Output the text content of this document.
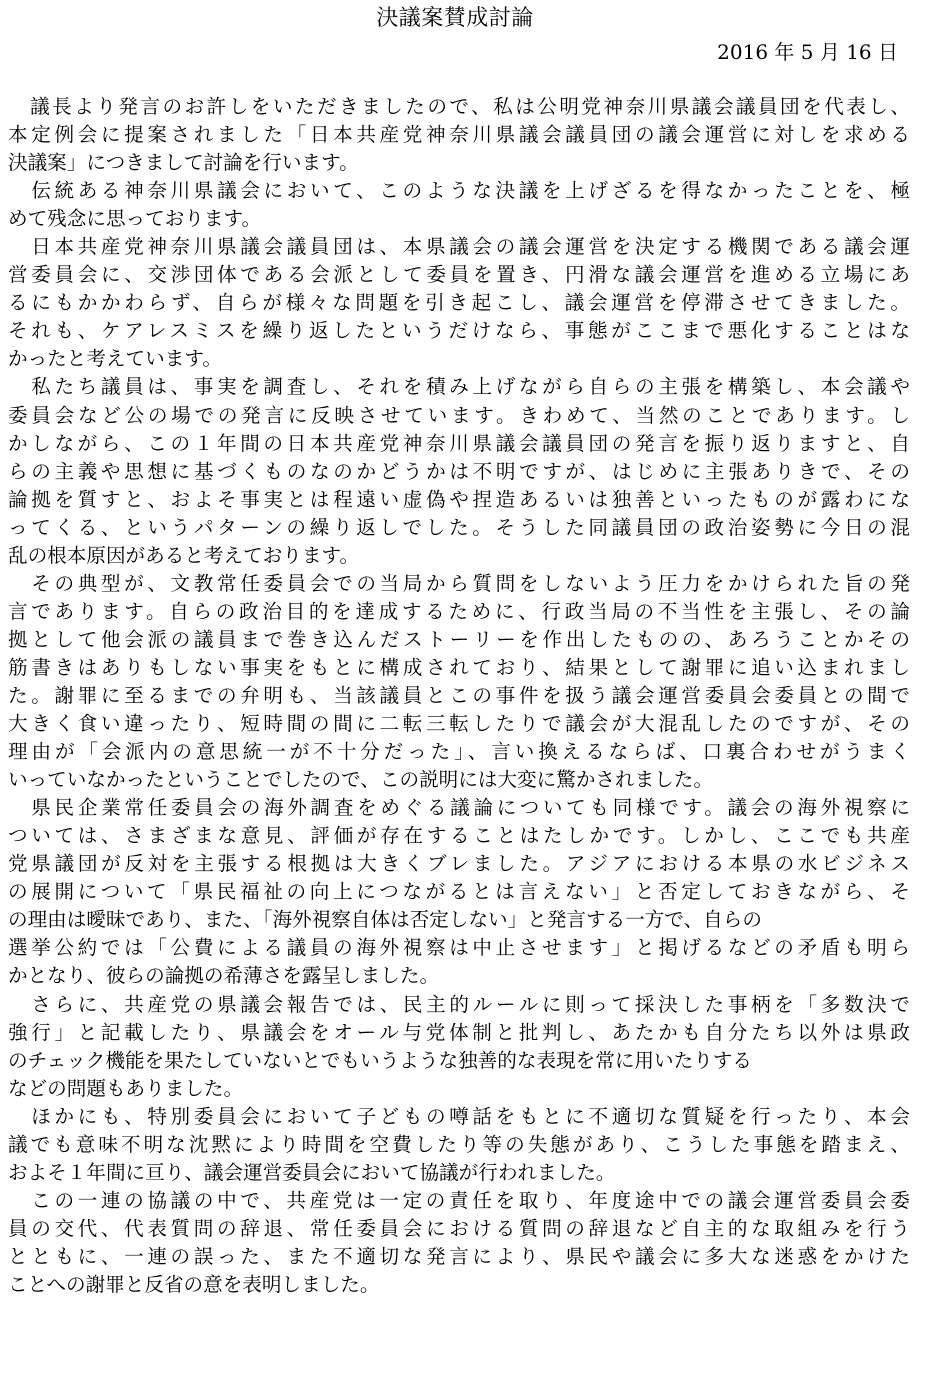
決議案賛成討論
2016 年 5 月 16 日
　議長より発言のお許しをいただきましたので、私は公明党神奈川県議会議員団を代表し、
本定例会に提案されました「日本共産党神奈川県議会議員団の議会運営に対しを求める
決議案」につきまして討論を行います。
　伝統ある神奈川県議会において、このような決議を上げざるを得なかったことを、極
めて残念に思っております。
　日本共産党神奈川県議会議員団は、本県議会の議会運営を決定する機関である議会運
営委員会に、交渉団体である会派として委員を置き、円滑な議会運営を進める立場にあ
るにもかかわらず、自らが様々な問題を引き起こし、議会運営を停滞させてきました。
それも、ケアレスミスを繰り返したというだけなら、事態がここまで悪化することはな
かったと考えています。
　私たち議員は、事実を調査し、それを積み上げながら自らの主張を構築し、本会議や
委員会など公の場での発言に反映させています。きわめて、当然のことであります。し
かしながら、この１年間の日本共産党神奈川県議会議員団の発言を振り返りますと、自
らの主義や思想に基づくものなのかどうかは不明ですが、はじめに主張ありきで、その
論拠を質すと、およそ事実とは程遠い虚偽や捏造あるいは独善といったものが露わにな
ってくる、というパターンの繰り返しでした。そうした同議員団の政治姿勢に今日の混
乱の根本原因があると考えております。
　その典型が、文教常任委員会での当局から質問をしないよう圧力をかけられた旨の発
言であります。自らの政治目的を達成するために、行政当局の不当性を主張し、その論
拠として他会派の議員まで巻き込んだストーリーを作出したものの、あろうことかその
筋書きはありもしない事実をもとに構成されており、結果として謝罪に追い込まれまし
た。謝罪に至るまでの弁明も、当該議員とこの事件を扱う議会運営委員会委員との間で
大きく食い違ったり、短時間の間に二転三転したりで議会が大混乱したのですが、その
理由が「会派内の意思統一が不十分だった」、言い換えるならば、口裏合わせがうまく
いっていなかったということでしたので、この説明には大変に驚かされました。
　県民企業常任委員会の海外調査をめぐる議論についても同様です。議会の海外視察に
ついては、さまざまな意見、評価が存在することはたしかです。しかし、ここでも共産
党県議団が反対を主張する根拠は大きくブレました。アジアにおける本県の水ビジネス
の展開について「県民福祉の向上につながるとは言えない」と否定しておきながら、そ
の理由は曖昧であり、また、「海外視察自体は否定しない」と発言する一方で、自らの
選挙公約では「公費による議員の海外視察は中止させます」と掲げるなどの矛盾も明ら
かとなり、彼らの論拠の希薄さを露呈しました。
　さらに、共産党の県議会報告では、民主的ルールに則って採決した事柄を「多数決で
強行」と記載したり、県議会をオール与党体制と批判し、あたかも自分たち以外は県政
のチェック機能を果たしていないとでもいうような独善的な表現を常に用いたりする
などの問題もありました。
　ほかにも、特別委員会において子どもの噂話をもとに不適切な質疑を行ったり、本会
議でも意味不明な沈黙により時間を空費したり等の失態があり、こうした事態を踏まえ、
およそ１年間に亘り、議会運営委員会において協議が行われました。
　この一連の協議の中で、共産党は一定の責任を取り、年度途中での議会運営委員会委
員の交代、代表質問の辞退、常任委員会における質問の辞退など自主的な取組みを行う
とともに、一連の誤った、また不適切な発言により、県民や議会に多大な迷惑をかけた
ことへの謝罪と反省の意を表明しました。
